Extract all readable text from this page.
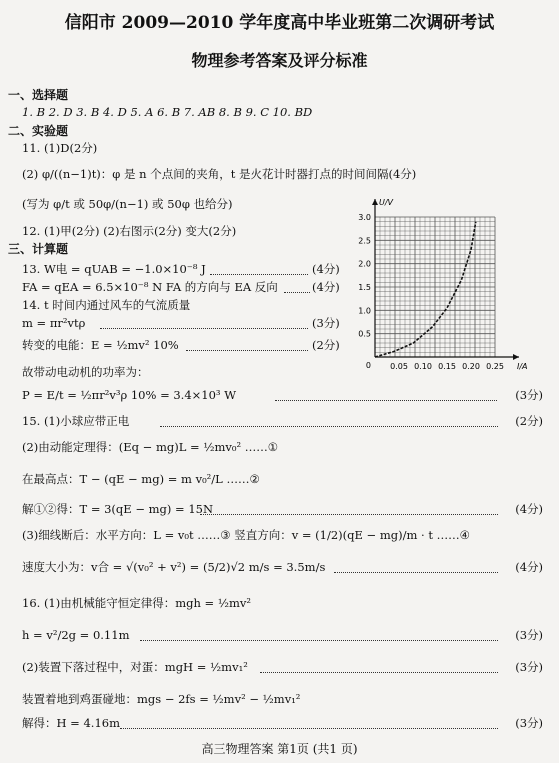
信阳市 2009—2010 学年度高中毕业班第二次调研考试
物理参考答案及评分标准
一、选择题
1. B 2. D 3. B 4. D 5. A 6. B 7. AB 8. B 9. C 10. BD
二、实验题
11. (1)D(2分)
(2) φ/((n−1)t)：φ 是 n 个点间的夹角，t 是火花计时器打点的时间间隔(4分)
(写为 φ/t 或 50φ/(n−1) 或 50φ 也给分)
12. (1)甲(2分) (2)右图示(2分) 变大(2分)
三、计算题
13. W电 = qUAB = −1.0×10⁻⁸ J	(4分)
FA = qEA = 6.5×10⁻⁸ N FA 的方向与 EA 反向	(4分)
14. t 时间内通过风车的气流质量
m = πr²vtρ	(3分)
转变的电能：E = ½mv² 10%	(2分)
故带动电动机的功率为：
P = E/t = ½πr²v³ρ 10% = 3.4×10³ W	(3分)
15. (1)小球应带正电	(2分)
(2)由动能定理得：(Eq − mg)L = ½mv₀² ……①
在最高点：T − (qE − mg) = m v₀²/L ……②
解①②得：T = 3(qE − mg) = 15N	(4分)
(3)细线断后：水平方向：L = v₀t ……③ 竖直方向：v = (1/2)(qE − mg)/m · t ……④
速度大小为：v合 = √(v₀² + v²) = (5/2)√2 m/s = 3.5m/s	(4分)
16. (1)由机械能守恒定律得：mgh = ½mv²
h = v²/2g = 0.11m	(3分)
(2)装置下落过程中，对蛋：mgH = ½mv₁²	(3分)
装置着地到鸡蛋碰地：mgs − 2fs = ½mv² − ½mv₁²
解得：H = 4.16m	(3分)
0.05 0.10 0.15 0.20 0.25
0.5
1.0
1.5
2.0
2.5
3.0
0	I/A
U/V
高三物理答案 第1页 (共1 页)
